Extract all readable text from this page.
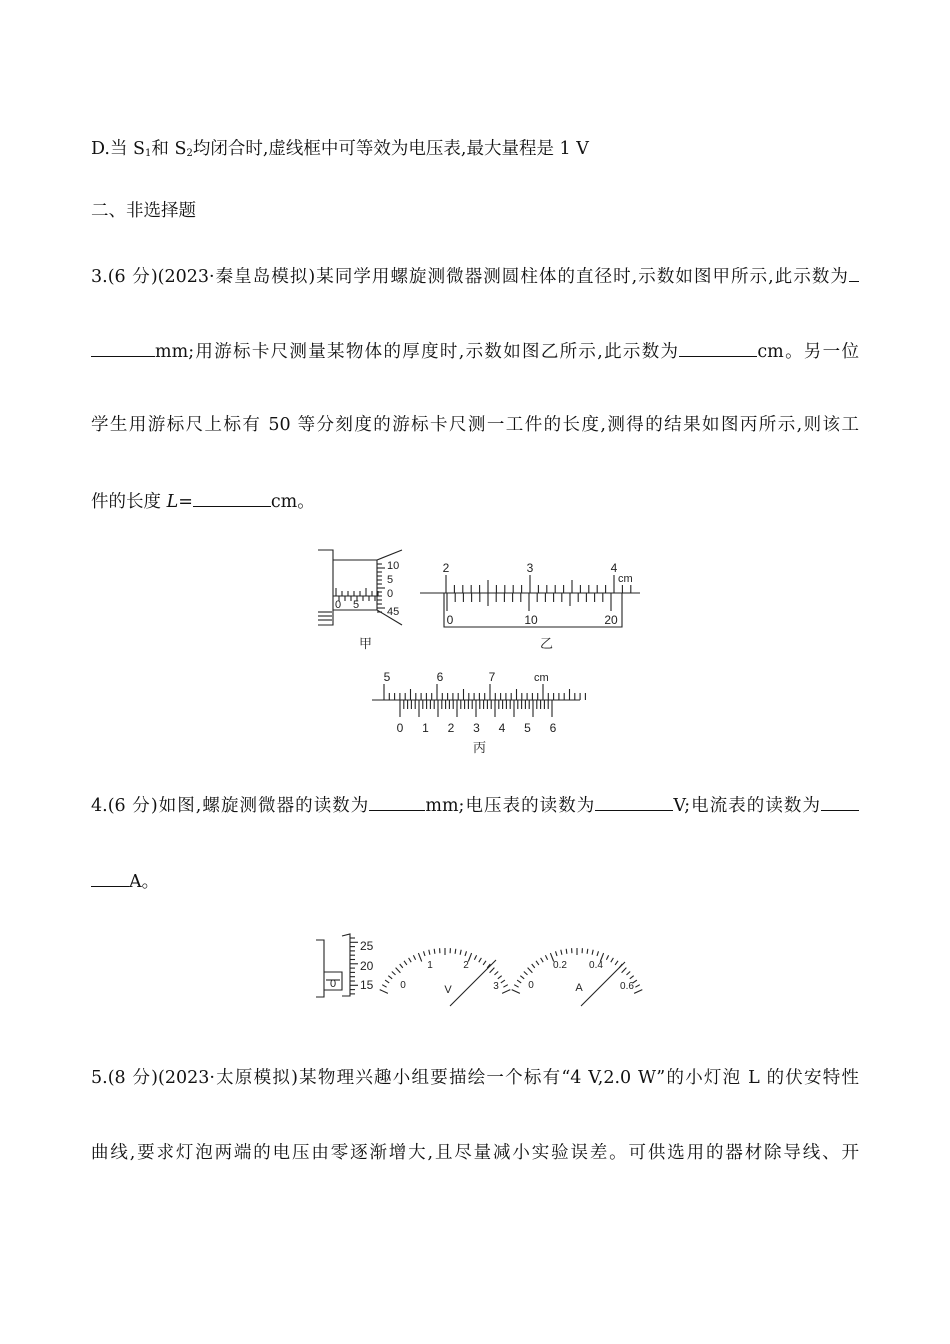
D.当 $S_1$和 $S_2$均闭合时,虚线框中可等效为电压表,最大量程是 1 V
二、非选择题
3.(6 分)(2023·秦皇岛模拟)某同学用螺旋测微器测圆柱体的直径时,示数如图甲所示,此示数为
mm;用游标卡尺测量某物体的厚度时,示数如图乙所示,此示数为	cm。另一位
学生用游标尺上标有 50 等分刻度的游标卡尺测一工件的长度,测得的结果如图丙所示,则该工
件的长度 L=	cm。
10
5
0
45
0 5
甲
2	3	4
cm
0	10	20
乙
5	6	7	cm
0 1 2 3 4 5 6
丙
4.(6 分)如图,螺旋测微器的读数为	mm;电压表的读数为	V;电流表的读数为
A。
25
20
15
0	0
1	2
3
V	0
0.2 0.4
0.6
A
5.(8 分)(2023·太原模拟)某物理兴趣小组要描绘一个标有“4 V,2.0 W”的小灯泡 L 的伏安特性
曲线,要求灯泡两端的电压由零逐渐增大,且尽量减小实验误差。可供选用的器材除导线、开
